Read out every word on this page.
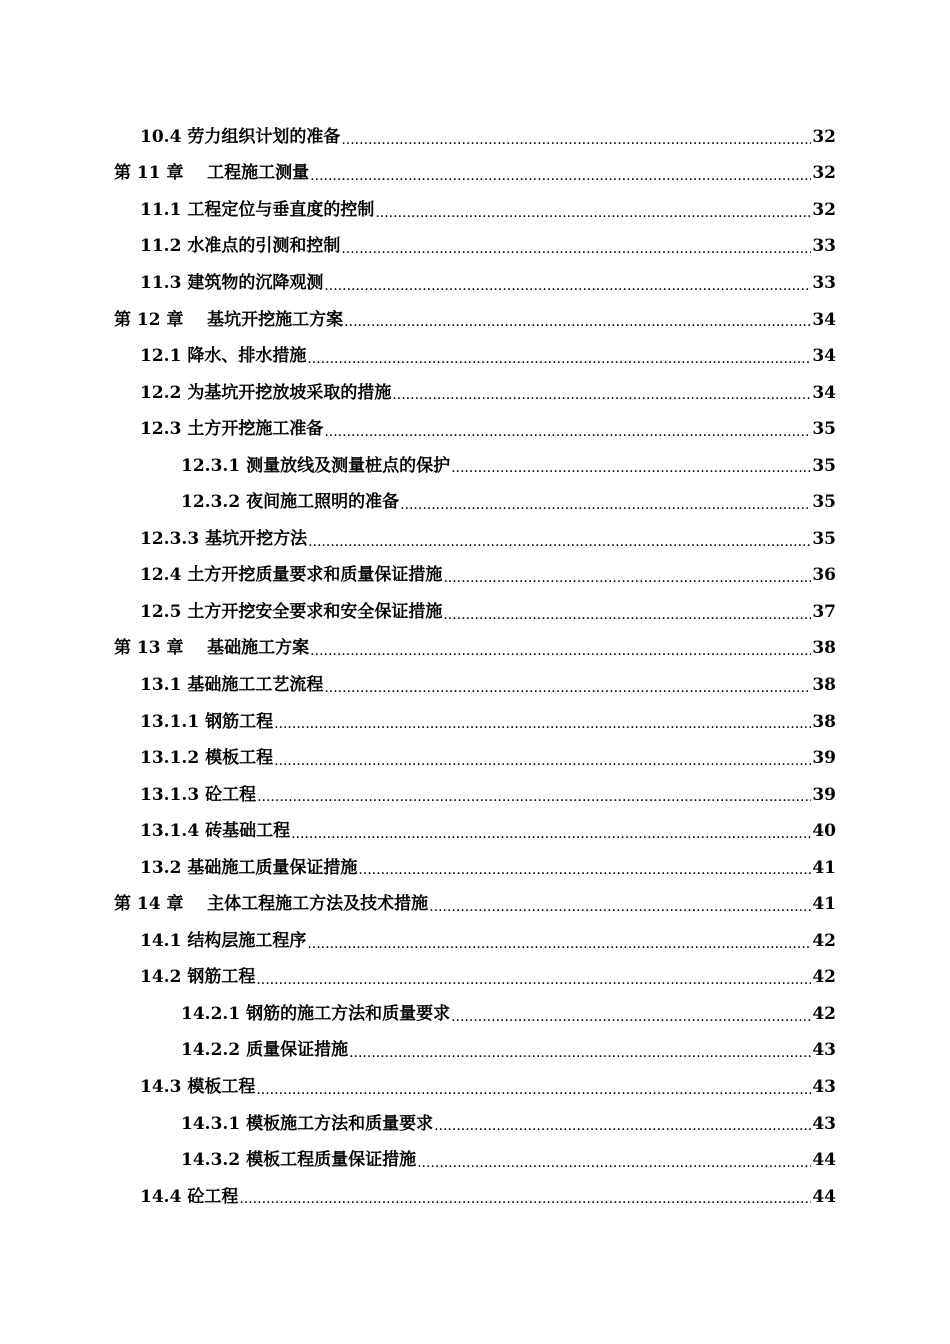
10.4 劳力组织计划的准备 .....	32
第 11 章    工程施工测量 .....	32
11.1 工程定位与垂直度的控制 .....	32
11.2 水准点的引测和控制 .....	33
11.3 建筑物的沉降观测 .....	33
第 12 章    基坑开挖施工方案 .....	34
12.1 降水、排水措施 .....	34
12.2 为基坑开挖放坡采取的措施 .....	34
12.3 土方开挖施工准备 .....	35
12.3.1 测量放线及测量桩点的保护 .....	35
12.3.2 夜间施工照明的准备 .....	35
12.3.3 基坑开挖方法 .....	35
12.4 土方开挖质量要求和质量保证措施 .....	36
12.5 土方开挖安全要求和安全保证措施 .....	37
第 13 章    基础施工方案 .....	38
13.1 基础施工工艺流程 .....	38
13.1.1 钢筋工程 .....	38
13.1.2 模板工程 .....	39
13.1.3 砼工程 .....	39
13.1.4 砖基础工程 .....	40
13.2 基础施工质量保证措施 .....	41
第 14 章    主体工程施工方法及技术措施 .....	41
14.1 结构层施工程序 .....	42
14.2 钢筋工程 .....	42
14.2.1 钢筋的施工方法和质量要求 .....	42
14.2.2 质量保证措施 .....	43
14.3 模板工程 .....	43
14.3.1 模板施工方法和质量要求 .....	43
14.3.2 模板工程质量保证措施 .....	44
14.4 砼工程 .....	44
